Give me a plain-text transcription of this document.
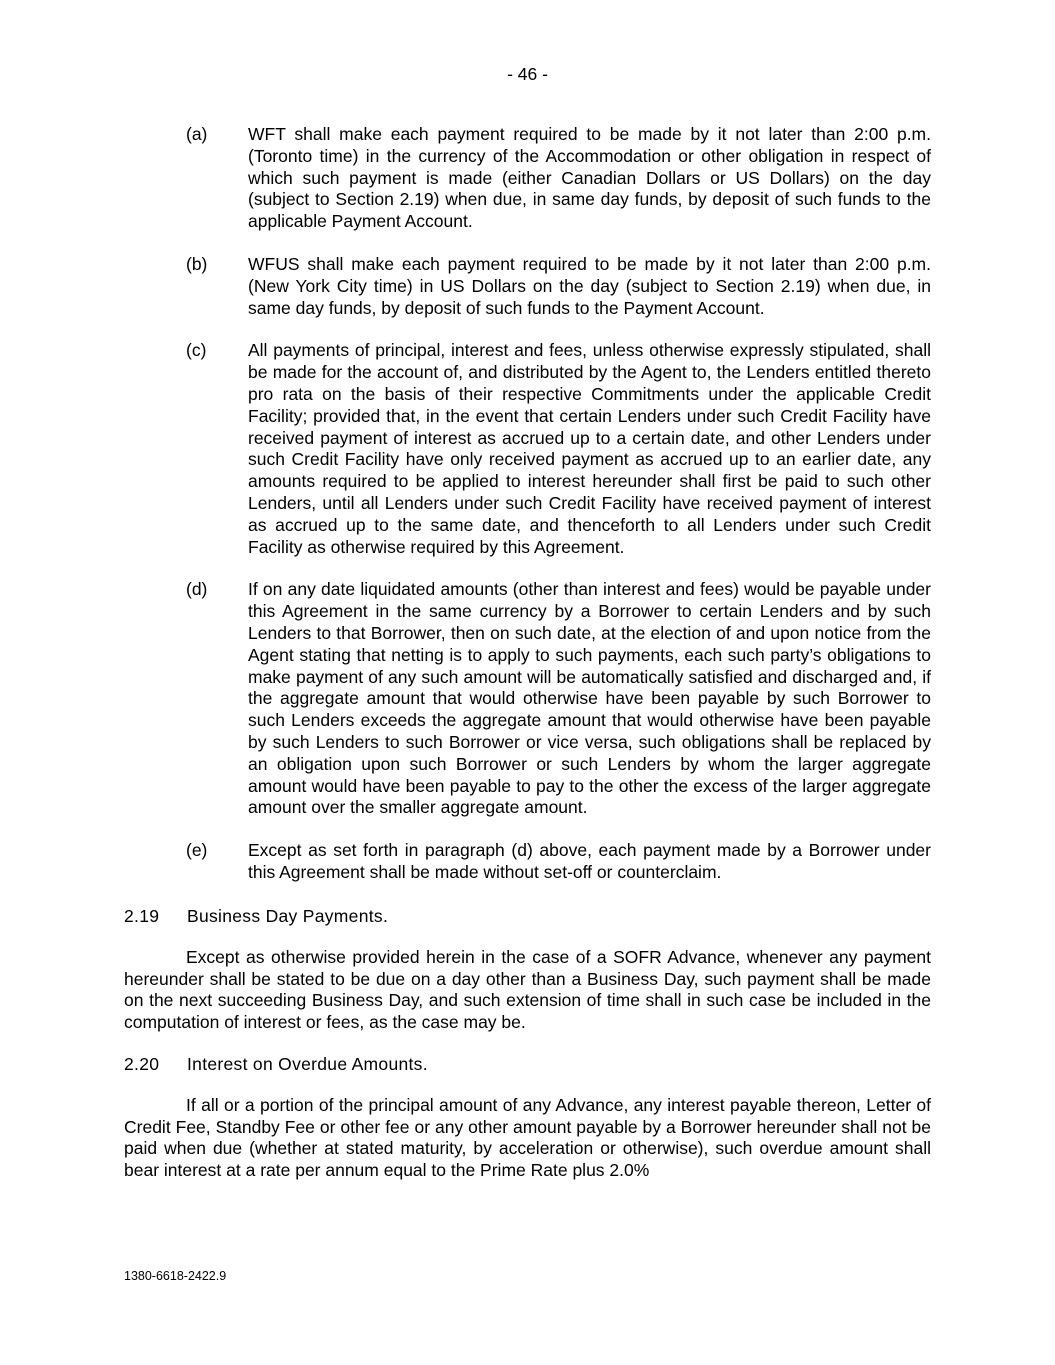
- 46 -
(a) WFT shall make each payment required to be made by it not later than 2:00 p.m. (Toronto time) in the currency of the Accommodation or other obligation in respect of which such payment is made (either Canadian Dollars or US Dollars) on the day (subject to Section 2.19) when due, in same day funds, by deposit of such funds to the applicable Payment Account.
(b) WFUS shall make each payment required to be made by it not later than 2:00 p.m. (New York City time) in US Dollars on the day (subject to Section 2.19) when due, in same day funds, by deposit of such funds to the Payment Account.
(c) All payments of principal, interest and fees, unless otherwise expressly stipulated, shall be made for the account of, and distributed by the Agent to, the Lenders entitled thereto pro rata on the basis of their respective Commitments under the applicable Credit Facility; provided that, in the event that certain Lenders under such Credit Facility have received payment of interest as accrued up to a certain date, and other Lenders under such Credit Facility have only received payment as accrued up to an earlier date, any amounts required to be applied to interest hereunder shall first be paid to such other Lenders, until all Lenders under such Credit Facility have received payment of interest as accrued up to the same date, and thenceforth to all Lenders under such Credit Facility as otherwise required by this Agreement.
(d) If on any date liquidated amounts (other than interest and fees) would be payable under this Agreement in the same currency by a Borrower to certain Lenders and by such Lenders to that Borrower, then on such date, at the election of and upon notice from the Agent stating that netting is to apply to such payments, each such party’s obligations to make payment of any such amount will be automatically satisfied and discharged and, if the aggregate amount that would otherwise have been payable by such Borrower to such Lenders exceeds the aggregate amount that would otherwise have been payable by such Lenders to such Borrower or vice versa, such obligations shall be replaced by an obligation upon such Borrower or such Lenders by whom the larger aggregate amount would have been payable to pay to the other the excess of the larger aggregate amount over the smaller aggregate amount.
(e) Except as set forth in paragraph (d) above, each payment made by a Borrower under this Agreement shall be made without set-off or counterclaim.
2.19 Business Day Payments.
Except as otherwise provided herein in the case of a SOFR Advance, whenever any payment hereunder shall be stated to be due on a day other than a Business Day, such payment shall be made on the next succeeding Business Day, and such extension of time shall in such case be included in the computation of interest or fees, as the case may be.
2.20 Interest on Overdue Amounts.
If all or a portion of the principal amount of any Advance, any interest payable thereon, Letter of Credit Fee, Standby Fee or other fee or any other amount payable by a Borrower hereunder shall not be paid when due (whether at stated maturity, by acceleration or otherwise), such overdue amount shall bear interest at a rate per annum equal to the Prime Rate plus 2.0%
1380-6618-2422.9
